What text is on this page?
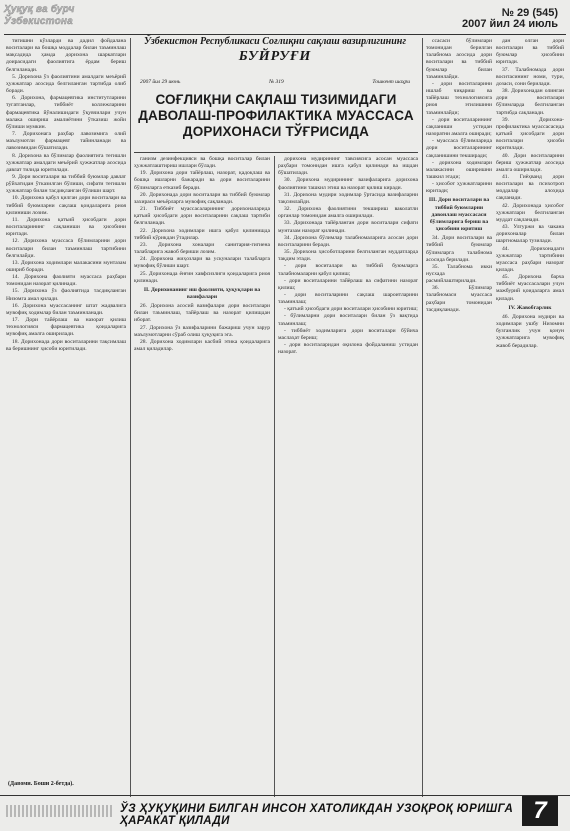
Ҳуқуқ ва бурч
Ўзбекистона
№ 29 (545)
2007 йил 24 июль

тигишни кўзларди ва дадил фойдалана воситалари ва бошқа моддалар билан таъминлаш мақсадида ҳамда дорихона шаркатлари доирасидаги фаолиятига ёрдам бериш белгиланади.

5. Дорихона ўз фаолиятини амалдаги меъёрий ҳужжатлар асосида белгиланган тартибда олиб боради.

6. Дорихона, фармацевтика институтларини тугатганлар, тиббиёт коллежларини фармацевтика йўналишидаги ўқувчилари учун малака ошириш амалиётини ўтказиш жойи бўлиши мумкин.

7. Дорихонага раҳбар лавозимига олий маълумотли фармацевт тайинланади ва лавозимидан бўшатилади.

8. Дорихона ва бўлимлар фаолиятига тегишли ҳужжатлар амалдаги меъёрий ҳужжатлар асосида давлат тилида юритилади.

9. Дори воситалари ва тиббий буюмлар давлат рўйхатидан ўтказилган бўлиши, сифати тегишли ҳужжатлар билан тасдиқланган бўлиши шарт.

10. Дорихона қабул қилган дори воситалари ва тиббий буюмларни сақлаш қоидаларига риоя қилиниши лозим.

11. Дорихона қатъий ҳисобдаги дори воситаларининг сақланиши ва ҳисобини юритади.

12. Дорихона муассаса бўлимларини дори воситалари билан таъминлаш тартибини белгилайди.

13. Дорихона ходимлари малакасини мунтазам ошириб боради.

14. Дорихона фаолияти муассаса раҳбари томонидан назорат қилинади.

15. Дорихона ўз фаолиятида тасдиқланган Низомга амал қилади.

16. Дорихона муассасанинг штат жадвалига мувофиқ ходимлар билан таъминланади.

17. Дори тайёрлаш ва назорат қилиш технологияси фармацевтика қоидаларига мувофиқ амалга оширилади.

18. Дорихонада дори воситаларини тақсимлаш ва беришнинг ҳисоби юритилади.

(Давоми. Боши 2-бетда).
Ўзбекистон Республикаси Соғлиқни сақлаш вазирлигининг
БУЙРУҒИ
2007 йил 29 июнь	№ 319	Тошкент шаҳри
СОҒЛИҚНИ САҚЛАШ ТИЗИМИДАГИ ДАВОЛАШ-ПРОФИЛАКТИКА МУАССАСА ДОРИХОНАСИ ТЎҒРИСИДА

ганизм дезинфекцияси ва бошқа воситалар билан ҳужжатлаштириш ишлари бўлади.

19. Дорихона дори тайёрлаш, назорат, қадоқлаш ва бошқа ишларни бажаради ва дори воситаларини бўлимларга етказиб беради.

20. Дорихонада дори воситалари ва тиббий буюмлар захираси меъёрларга мувофиқ сақланади.

21. Тиббиёт муассасаларининг дорихоналарида қатъий ҳисобдаги дори воситаларини сақлаш тартиби белгиланади.

22. Дорихона ходимлари ишга қабул қилинишда тиббий кўрикдан ўтадилар.

23. Дорихона хоналари санитария-гигиена талабларига жавоб бериши лозим.

24. Дорихона жиҳозлари ва ускуналари талабларга мувофиқ бўлиши шарт.

25. Дорихонада ёнғин хавфсизлиги қоидаларига риоя қилинади.

II. Дорихонанинг иш фаолияти, ҳуқуқлари ва вазифалари

26. Дорихона асосий вазифалари дори воситалари билан таъминлаш, тайёрлаш ва назорат қилишдан иборат.

27. Дорихона ўз вазифаларини бажариш учун зарур маълумотларни сўраб олиш ҳуқуқига эга.

28. Дорихона ходимлари касбий этика қоидаларига амал қиладилар.

дорихона мудирининг тавсиясига асосан муассаса раҳбари томонидан ишга қабул қилинади ва ишдан бўшатилади.

30. Дорихона мудирининг вазифаларига дорихона фаолиятини ташкил этиш ва назорат қилиш киради.

31. Дорихона мудири ходимлар ўртасида вазифаларни тақсимлайди.

32. Дорихона фаолиятини текшириш ваколатли органлар томонидан амалга оширилади.

33. Дорихонада тайёрланган дори воситалари сифати мунтазам назорат қилинади.

34. Дорихона бўлимлар талабномаларига асосан дори воситаларини беради.

35. Дорихона ҳисоботларини белгиланган муддатларда тақдим этади.

- дори воситалари ва тиббий буюмларга талабномаларни қабул қилиш;

- дори воситаларини тайёрлаш ва сифатини назорат қилиш;

- дори воситаларини сақлаш шароитларини таъминлаш;

- қатъий ҳисобдаги дори воситалари ҳисобини юритиш;

- бўлимларни дори воситалари билан ўз вақтида таъминлаш;

- тиббиёт ходимларига дори воситалари бўйича маслаҳат бериш;

- дори воситаларидан оқилона фойдаланиш устидан назорат.

ссасаси бўлимлари томонидан берилган талабнома асосида дори воситалари ва тиббий буюмлар билан таъминлайди.

- дори воситаларини ишлаб чиқариш ва тайёрлаш технологиясига риоя этилишини таъминлайди;

- дори воситаларининг сақланиши устидан назоратни амалга оширади;

- муассаса бўлимларида дори воситаларининг сақланишини текширади;

- дорихона ходимлари малакасини оширишни ташкил этади;

- ҳисобот ҳужжатларини юритади;

III. Дори воситалари ва тиббий буюмларни давонлаш муассасаси бўлимларига бериш ва ҳисобини юритиш

34. Дори воситалари ва тиббий буюмлар бўлимларга талабнома асосида берилади.

35. Талабнома икки нусхада расмийлаштирилади.

36. Бўлимлар талабномаси муассаса раҳбари томонидан тасдиқланади.

дан олган дори воситалари ва тиббий буюмлар ҳисобини юритади.

37. Талабномада дори воситасининг номи, тури, дозаси, сони берилади.

38. Дорихонадан олинган дори воситалари бўлимларда белгиланган тартибда сақланади.

39. Дорихона-профилактика муассасасида қатъий ҳисобдаги дори воситалари ҳисоби юритилади.

40. Дори воситаларини бериш ҳужжатлар асосида амалга оширилади.

41. Гиёҳванд дори воситалари ва психотроп моддалар алоҳида сақланади.

42. Дорихонада ҳисобот ҳужжатлари белгиланган муддат сақланади.

43. Улгуржи ва чакана дорихоналар билан шартномалар тузилади.

44. Дорихонадаги ҳужжатлар тартибини муассаса раҳбари назорат қилади.

45. Дорихона барча тиббиёт муассасалари учун мажбурий қоидаларга амал қилади.

IV. Жавобгарлик

46. Дорихона мудири ва ходимлари ушбу Низомни бузганлик учун қонун ҳужжатларига мувофиқ жавоб берадилар.

ЎЗ ҲУҚУҚИНИ БИЛГАН ИНСОН ХАТОЛИКДАН УЗОҚРОҚ ЮРИШГА ҲАРАКАТ ҚИЛАДИ	7
